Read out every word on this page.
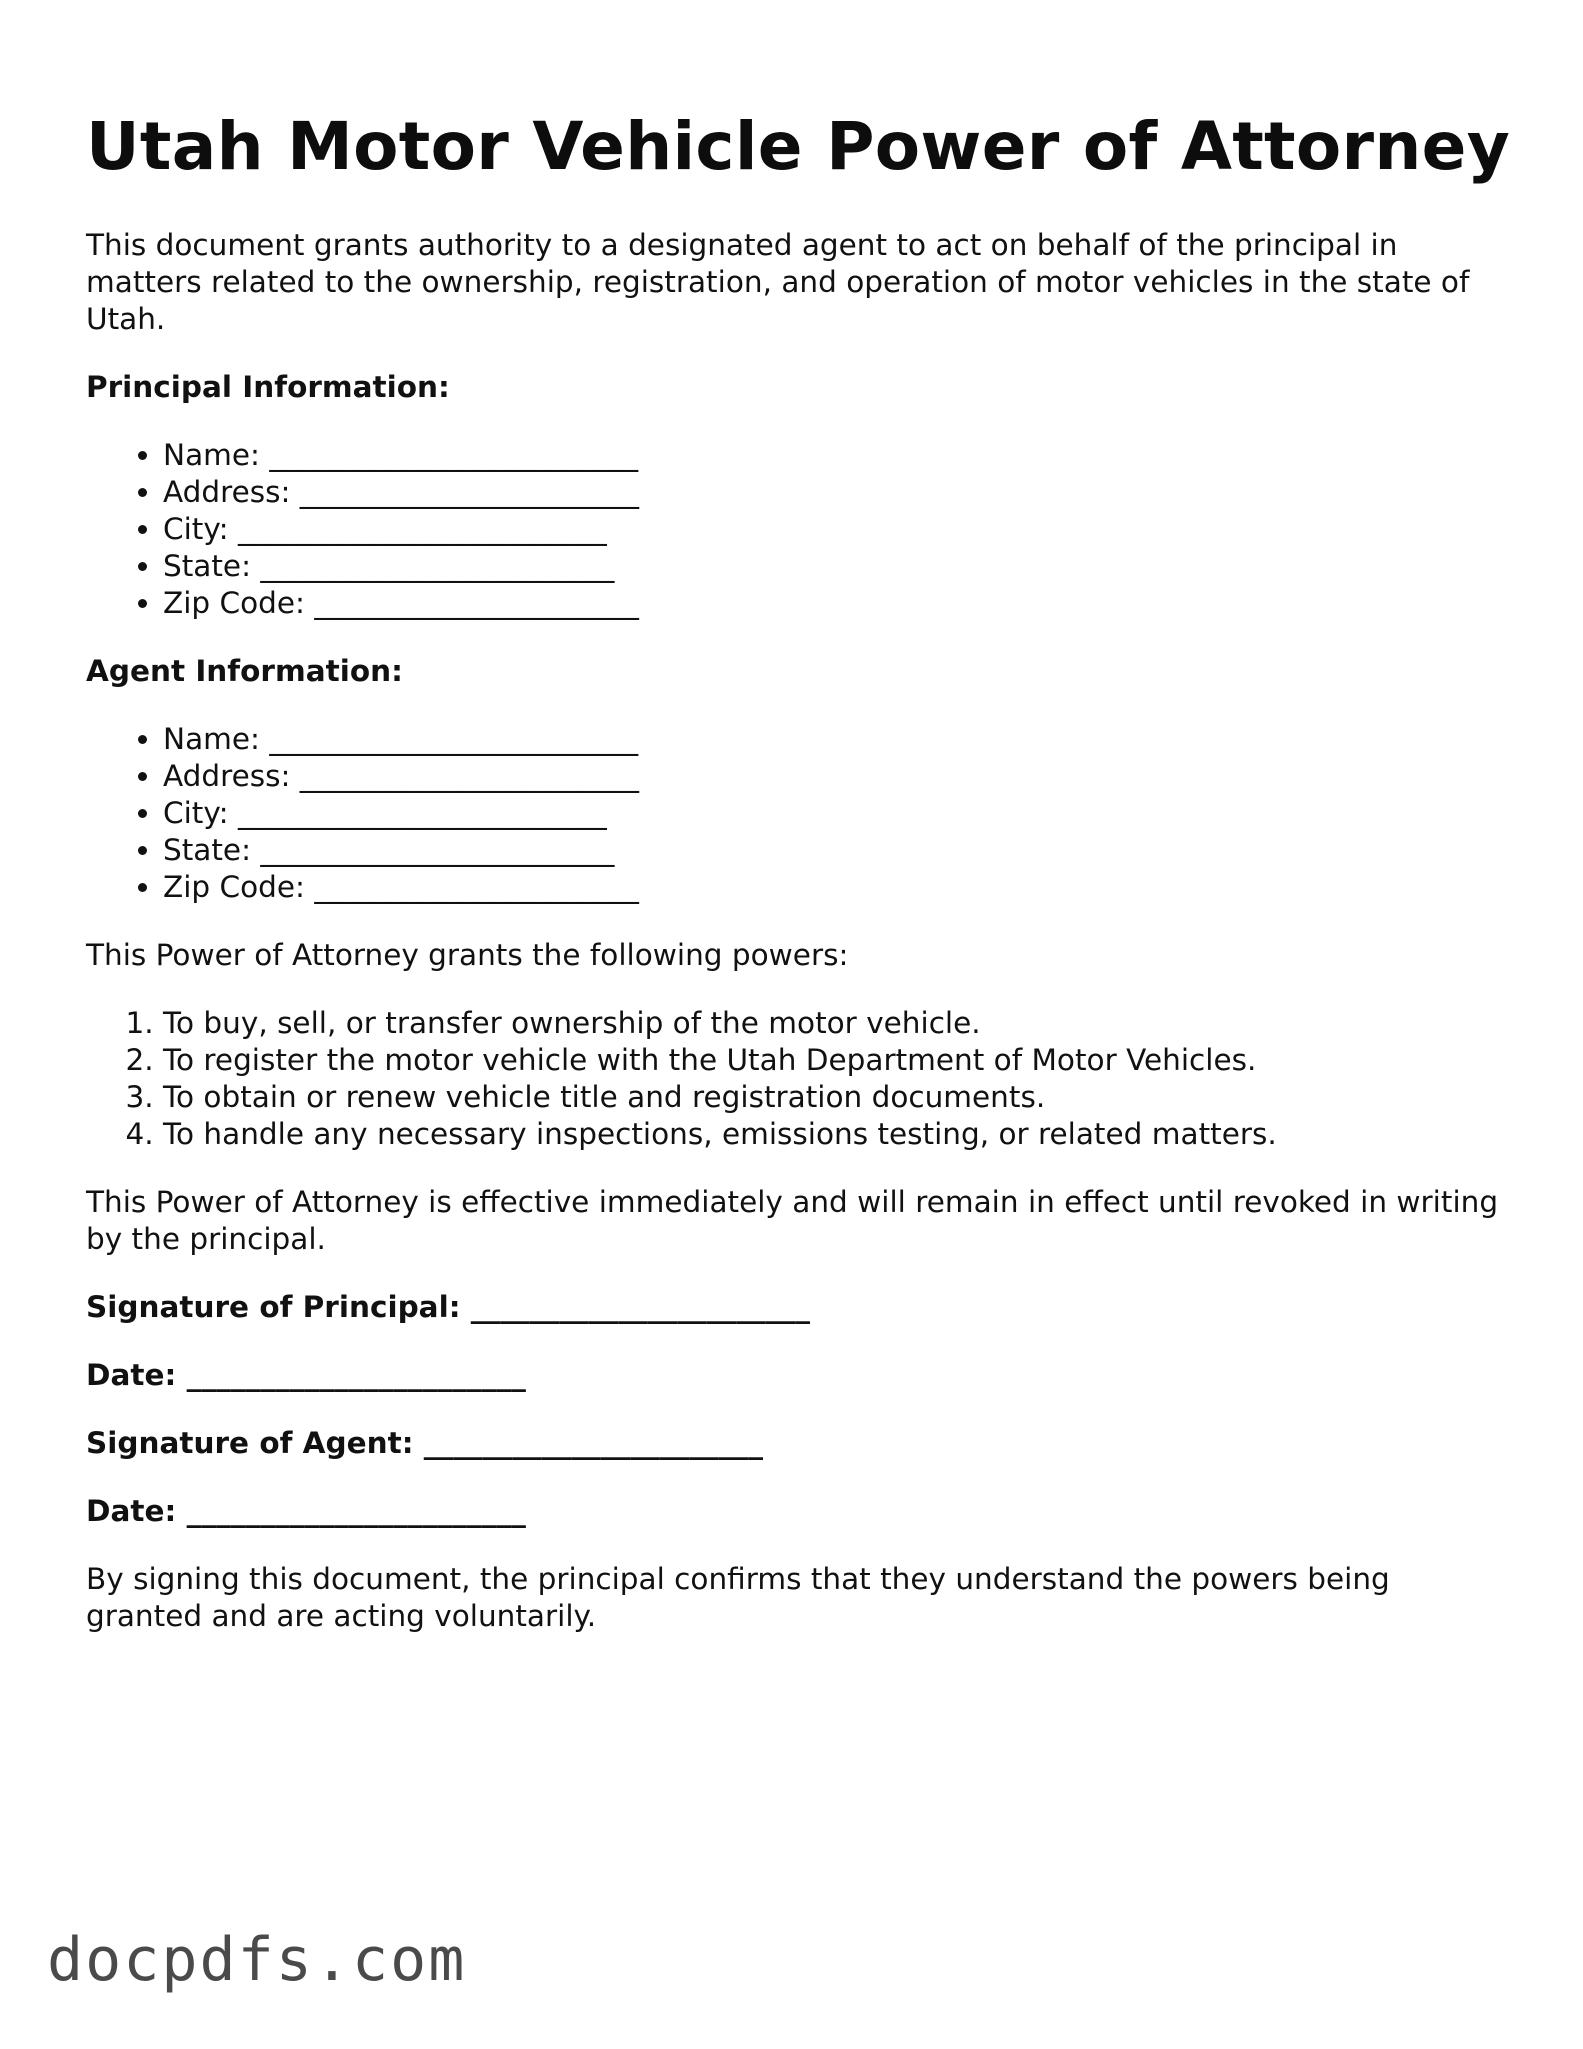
Utah Motor Vehicle Power of Attorney

This document grants authority to a designated agent to act on behalf of the principal in matters related to the ownership, registration, and operation of motor vehicles in the state of Utah.

Principal Information:
• Name: _________________________
• Address: _______________________
• City: _________________________
• State: ________________________
• Zip Code: ______________________
Agent Information:
• Name: _________________________
• Address: _______________________
• City: _________________________
• State: ________________________
• Zip Code: ______________________

This Power of Attorney grants the following powers:

1. To buy, sell, or transfer ownership of the motor vehicle.
2. To register the motor vehicle with the Utah Department of Motor Vehicles.
3. To obtain or renew vehicle title and registration documents.
4. To handle any necessary inspections, emissions testing, or related matters.

This Power of Attorney is effective immediately and will remain in effect until revoked in writing by the principal.

Signature of Principal: _______________________
Date: _______________________
Signature of Agent: _______________________
Date: _______________________

By signing this document, the principal confirms that they understand the powers being granted and are acting voluntarily.

docpdfs.com
